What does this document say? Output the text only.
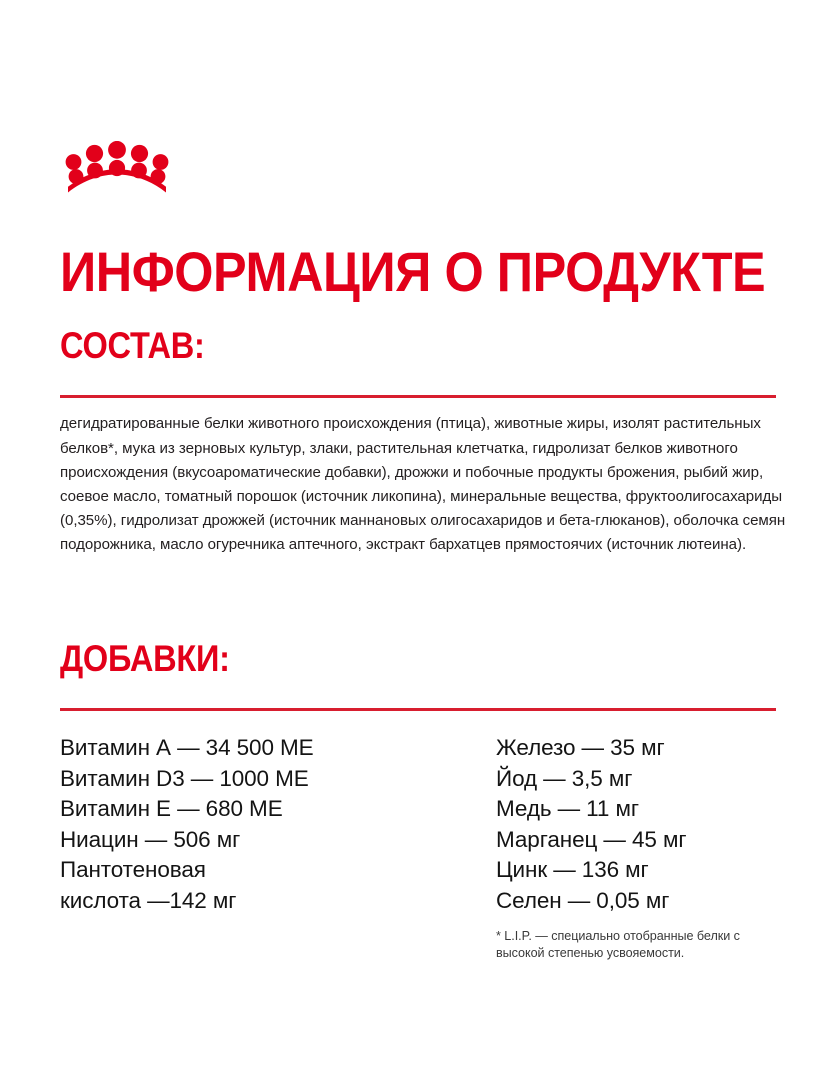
ИНФОРМАЦИЯ О ПРОДУКТЕ
СОСТАВ:

дегидратированные белки животного происхождения (птица), животные жиры, изолят растительных белков*, мука из зерновых культур, злаки, растительная клетчатка, гидролизат белков животного происхождения (вкусоароматические добавки), дрожжи и побочные продукты брожения, рыбий жир, соевое масло, томатный порошок (источник ликопина), минеральные вещества, фруктоолигосахариды (0,35%), гидролизат дрожжей (источник маннановых олигосахаридов и бета-глюканов), оболочка семян подорожника, масло огуречника аптечного, экстракт бархатцев прямостоячих (источник лютеина).

ДОБАВКИ:
Витамин А — 34 500 МЕ
Витамин D3 — 1000 МЕ
Витамин Е — 680 МЕ
Ниацин — 506 мг
Пантотеновая
кислота —142 мг
Железо — 35 мг
Йод — 3,5 мг
Медь — 11 мг
Марганец — 45 мг
Цинк — 136 мг
Селен — 0,05 мг
* L.I.P. — специально отобранные белки с высокой степенью усвояемости.
